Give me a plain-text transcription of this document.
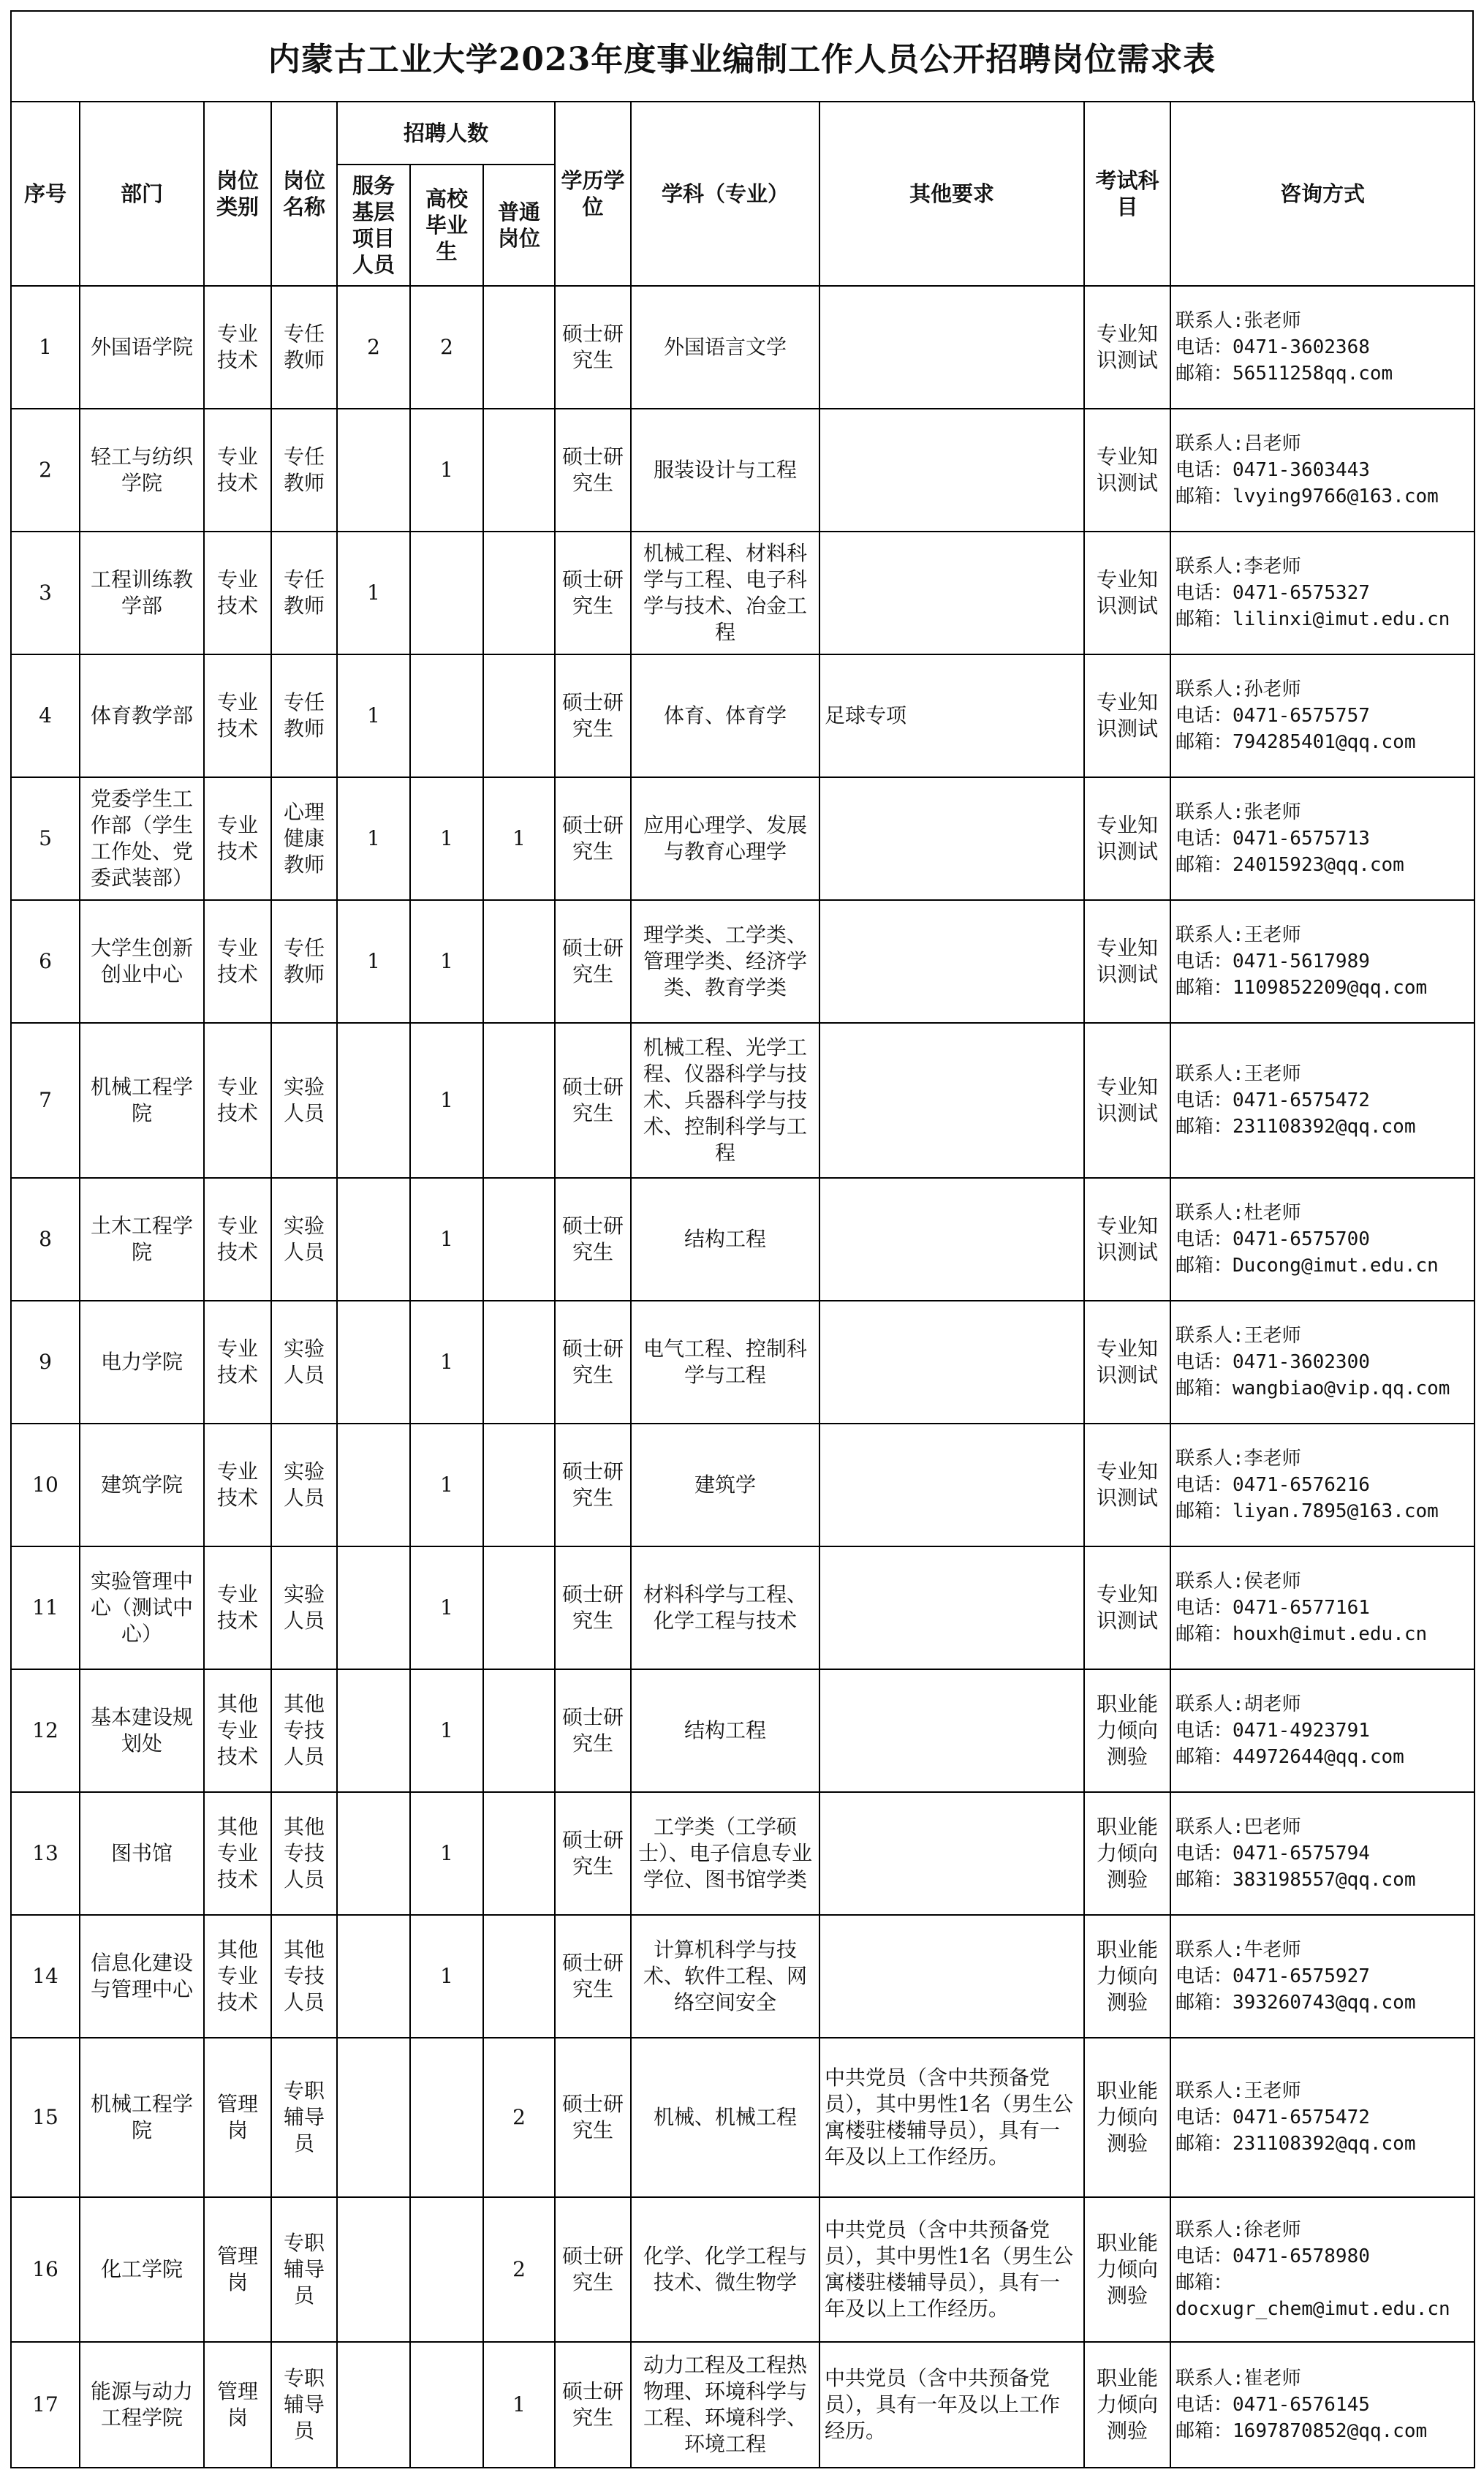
内蒙古工业大学2023年度事业编制工作人员公开招聘岗位需求表
序号	部门	岗位类别	岗位名称	招聘人数			学历学位	学科（专业）	其他要求	考试科目	咨询方式
				服务基层项目人员	高校毕业生	普通岗位					
1	外国语学院	专业技术	专任教师	2	2		硕士研究生	外国语言文学		专业知识测试	联系人:张老师
电话：0471-3602368
邮箱：56511258qq.com

2	轻工与纺织学院	专业技术	专任教师		1		硕士研究生	服装设计与工程		专业知识测试	联系人:吕老师
电话：0471-3603443
邮箱：lvying9766@163.com

3	工程训练教学部	专业技术	专任教师	1			硕士研究生	机械工程、材料科学与工程、电子科学与技术、冶金工程		专业知识测试	联系人:李老师
电话：0471-6575327
邮箱：lilinxi@imut.edu.cn

4	体育教学部	专业技术	专任教师	1			硕士研究生	体育、体育学	足球专项	专业知识测试	联系人:孙老师
电话：0471-6575757
邮箱：794285401@qq.com

5	党委学生工作部（学生工作处、党委武装部）	专业技术	心理健康教师	1	1	1	硕士研究生	应用心理学、发展与教育心理学		专业知识测试	联系人:张老师
电话：0471-6575713
邮箱：24015923@qq.com

6	大学生创新创业中心	专业技术	专任教师	1	1		硕士研究生	理学类、工学类、管理学类、经济学类、教育学类		专业知识测试	联系人:王老师
电话：0471-5617989
邮箱：1109852209@qq.com

7	机械工程学院	专业技术	实验人员		1		硕士研究生	机械工程、光学工程、仪器科学与技术、兵器科学与技术、控制科学与工程		专业知识测试	联系人:王老师
电话：0471-6575472
邮箱：231108392@qq.com

8	土木工程学院	专业技术	实验人员		1		硕士研究生	结构工程		专业知识测试	联系人:杜老师
电话：0471-6575700
邮箱：Ducong@imut.edu.cn

9	电力学院	专业技术	实验人员		1		硕士研究生	电气工程、控制科学与工程		专业知识测试	联系人:王老师
电话：0471-3602300
邮箱：wangbiao@vip.qq.com

10	建筑学院	专业技术	实验人员		1		硕士研究生	建筑学		专业知识测试	联系人:李老师
电话：0471-6576216
邮箱：liyan.7895@163.com

11	实验管理中心（测试中心）	专业技术	实验人员		1		硕士研究生	材料科学与工程、化学工程与技术		专业知识测试	联系人:侯老师
电话：0471-6577161
邮箱：houxh@imut.edu.cn

12	基本建设规划处	其他专业技术	其他专技人员		1		硕士研究生	结构工程		职业能力倾向测验	联系人:胡老师
电话：0471-4923791
邮箱：44972644@qq.com

13	图书馆	其他专业技术	其他专技人员		1		硕士研究生	工学类（工学硕士）、电子信息专业学位、图书馆学类		职业能力倾向测验	联系人:巴老师
电话：0471-6575794
邮箱：383198557@qq.com

14	信息化建设与管理中心	其他专业技术	其他专技人员		1		硕士研究生	计算机科学与技术、软件工程、网络空间安全		职业能力倾向测验	联系人:牛老师
电话：0471-6575927
邮箱：393260743@qq.com

15	机械工程学院	管理岗	专职辅导员			2	硕士研究生	机械、机械工程	中共党员（含中共预备党员），其中男性1名（男生公寓楼驻楼辅导员），具有一年及以上工作经历。	职业能力倾向测验	联系人:王老师
电话：0471-6575472
邮箱：231108392@qq.com

16	化工学院	管理岗	专职辅导员			2	硕士研究生	化学、化学工程与技术、微生物学	中共党员（含中共预备党员），其中男性1名（男生公寓楼驻楼辅导员），具有一年及以上工作经历。	职业能力倾向测验	联系人:徐老师
电话：0471-6578980
邮箱：
docxugr_chem@imut.edu.cn

17	能源与动力工程学院	管理岗	专职辅导员			1	硕士研究生	动力工程及工程热物理、环境科学与工程、环境科学、环境工程	中共党员（含中共预备党员），具有一年及以上工作经历。	职业能力倾向测验	联系人:崔老师
电话：0471-6576145
邮箱：1697870852@qq.com
